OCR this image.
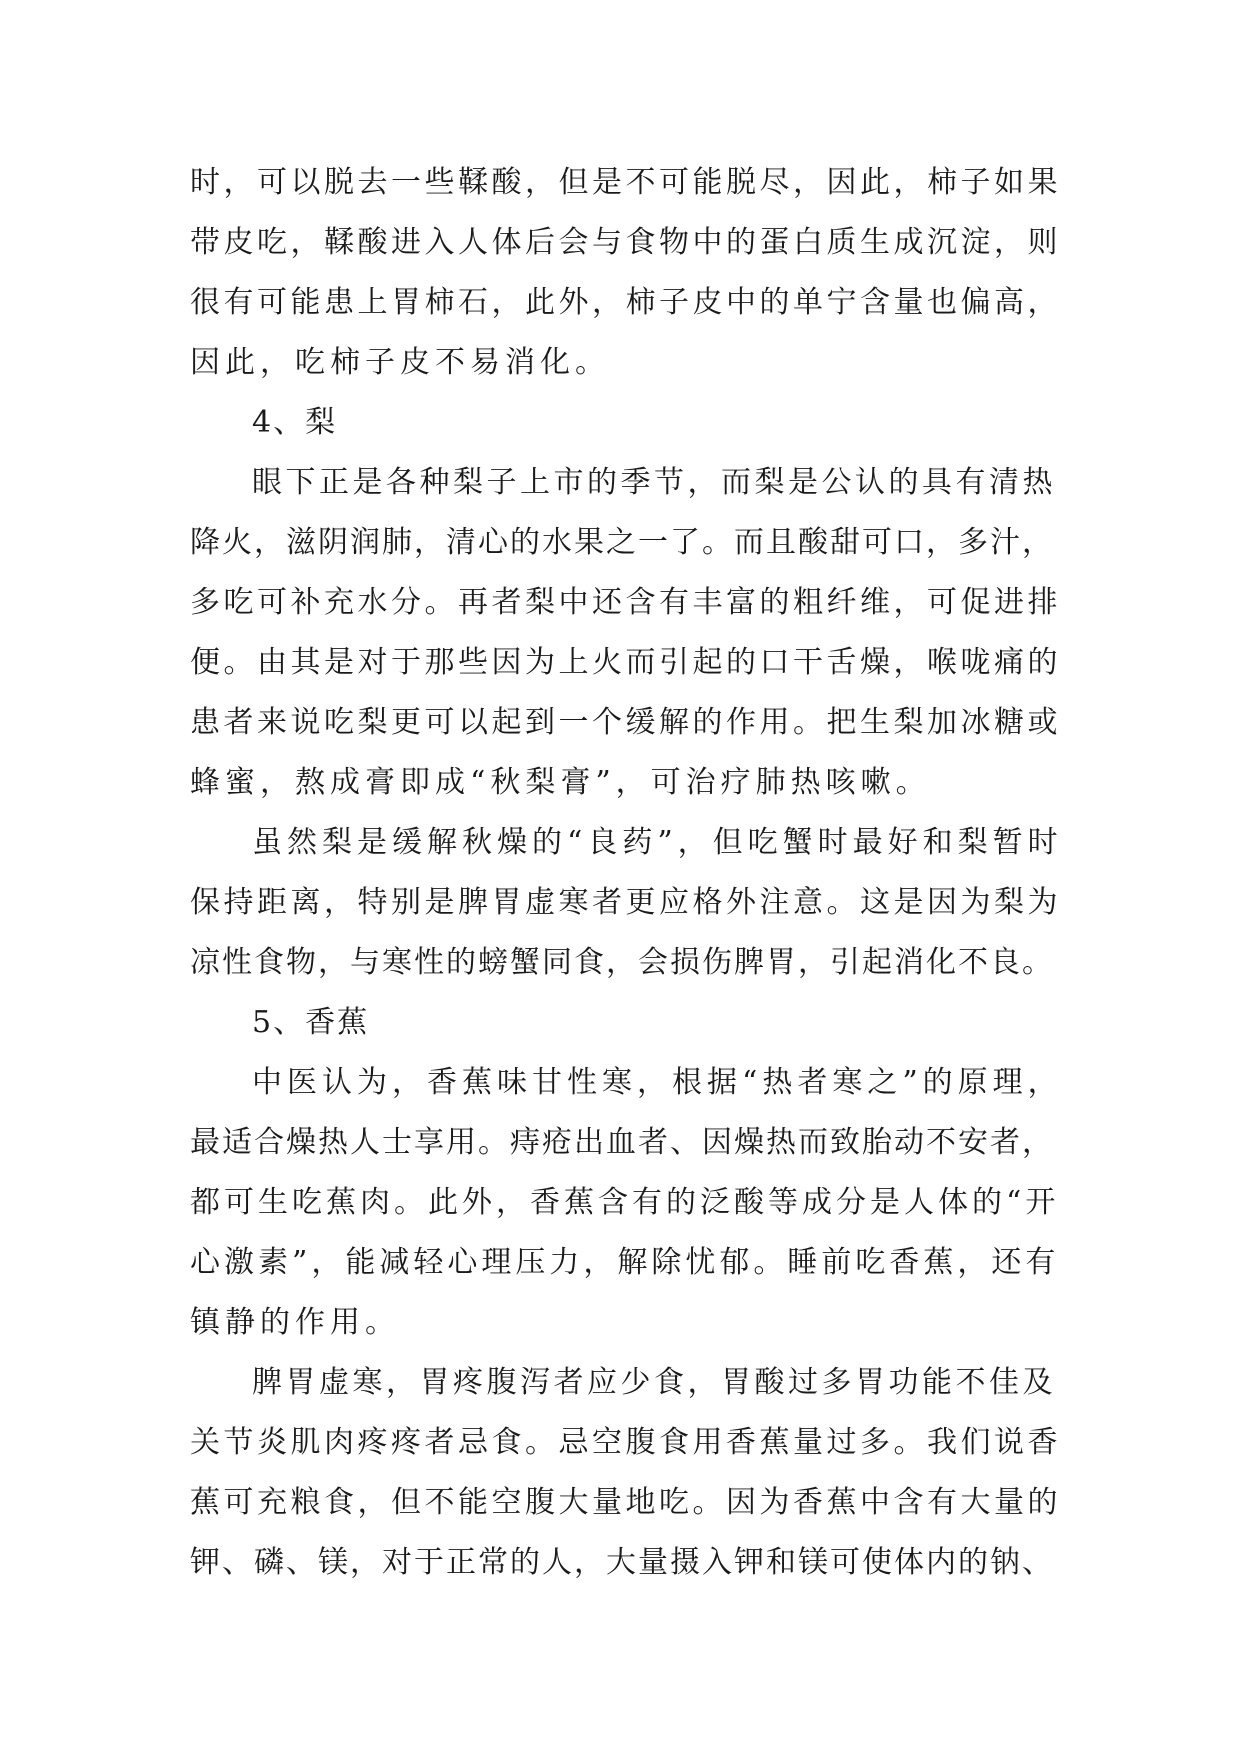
时，可以脱去一些鞣酸，但是不可能脱尽，因此，柿子如果
带皮吃，鞣酸进入人体后会与食物中的蛋白质生成沉淀，则
很有可能患上胃柿石，此外，柿子皮中的单宁含量也偏高，
因此，吃柿子皮不易消化。
4、梨
眼下正是各种梨子上市的季节，而梨是公认的具有清热
降火，滋阴润肺，清心的水果之一了。而且酸甜可口，多汁，
多吃可补充水分。再者梨中还含有丰富的粗纤维，可促进排
便。由其是对于那些因为上火而引起的口干舌燥，喉咙痛的
患者来说吃梨更可以起到一个缓解的作用。把生梨加冰糖或
蜂蜜，熬成膏即成“秋梨膏”，可治疗肺热咳嗽。
虽然梨是缓解秋燥的“良药”，但吃蟹时最好和梨暂时
保持距离，特别是脾胃虚寒者更应格外注意。这是因为梨为
凉性食物，与寒性的螃蟹同食，会损伤脾胃，引起消化不良。
5、香蕉
中医认为，香蕉味甘性寒，根据“热者寒之”的原理，
最适合燥热人士享用。痔疮出血者、因燥热而致胎动不安者，
都可生吃蕉肉。此外，香蕉含有的泛酸等成分是人体的“开
心激素”，能减轻心理压力，解除忧郁。睡前吃香蕉，还有
镇静的作用。
脾胃虚寒，胃疼腹泻者应少食，胃酸过多胃功能不佳及
关节炎肌肉疼疼者忌食。忌空腹食用香蕉量过多。我们说香
蕉可充粮食，但不能空腹大量地吃。因为香蕉中含有大量的
钾、磷、镁，对于正常的人，大量摄入钾和镁可使体内的钠、
